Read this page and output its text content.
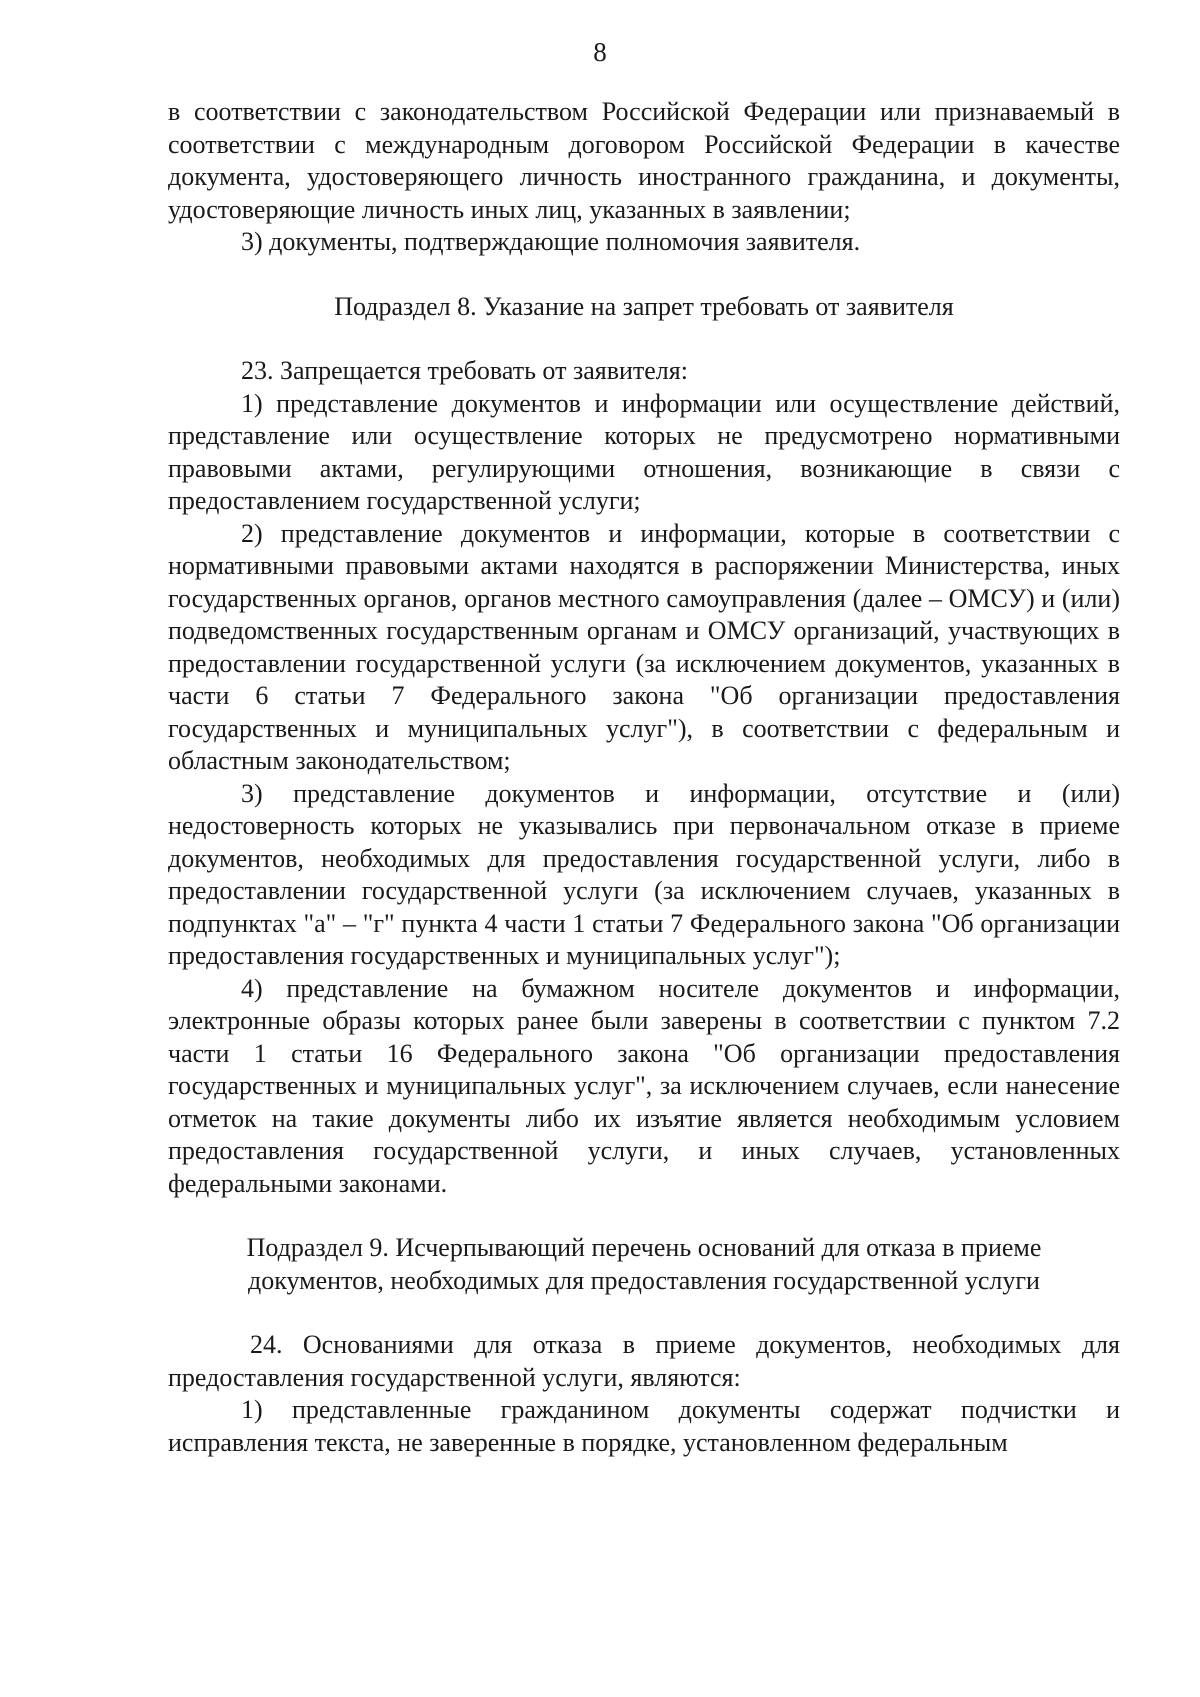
8

в соответствии с законодательством Российской Федерации или признаваемый в соответствии с международным договором Российской Федерации в качестве документа, удостоверяющего личность иностранного гражданина, и документы, удостоверяющие личность иных лиц, указанных в заявлении;

3) документы, подтверждающие полномочия заявителя.

Подраздел 8. Указание на запрет требовать от заявителя

23. Запрещается требовать от заявителя:

1) представление документов и информации или осуществление действий, представление или осуществление которых не предусмотрено нормативными правовыми актами, регулирующими отношения, возникающие в связи с предоставлением государственной услуги;

2) представление документов и информации, которые в соответствии с нормативными правовыми актами находятся в распоряжении Министерства, иных государственных органов, органов местного самоуправления (далее – ОМСУ) и (или) подведомственных государственным органам и ОМСУ организаций, участвующих в предоставлении государственной услуги (за исключением документов, указанных в части 6 статьи 7 Федерального закона "Об организации предоставления государственных и муниципальных услуг"), в соответствии с федеральным и областным законодательством;

3) представление документов и информации, отсутствие и (или) недостоверность которых не указывались при первоначальном отказе в приеме документов, необходимых для предоставления государственной услуги, либо в предоставлении государственной услуги (за исключением случаев, указанных в подпунктах "а" – "г" пункта 4 части 1 статьи 7 Федерального закона "Об организации предоставления государственных и муниципальных услуг");

4) представление на бумажном носителе документов и информации, электронные образы которых ранее были заверены в соответствии с пунктом 7.2 части 1 статьи 16 Федерального закона "Об организации предоставления государственных и муниципальных услуг", за исключением случаев, если нанесение отметок на такие документы либо их изъятие является необходимым условием предоставления государственной услуги, и иных случаев, установленных федеральными законами.

Подраздел 9. Исчерпывающий перечень оснований для отказа в приеме

документов, необходимых для предоставления государственной услуги

24. Основаниями для отказа в приеме документов, необходимых для предоставления государственной услуги, являются:

1) представленные гражданином документы содержат подчистки и исправления текста, не заверенные в порядке, установленном федеральным
